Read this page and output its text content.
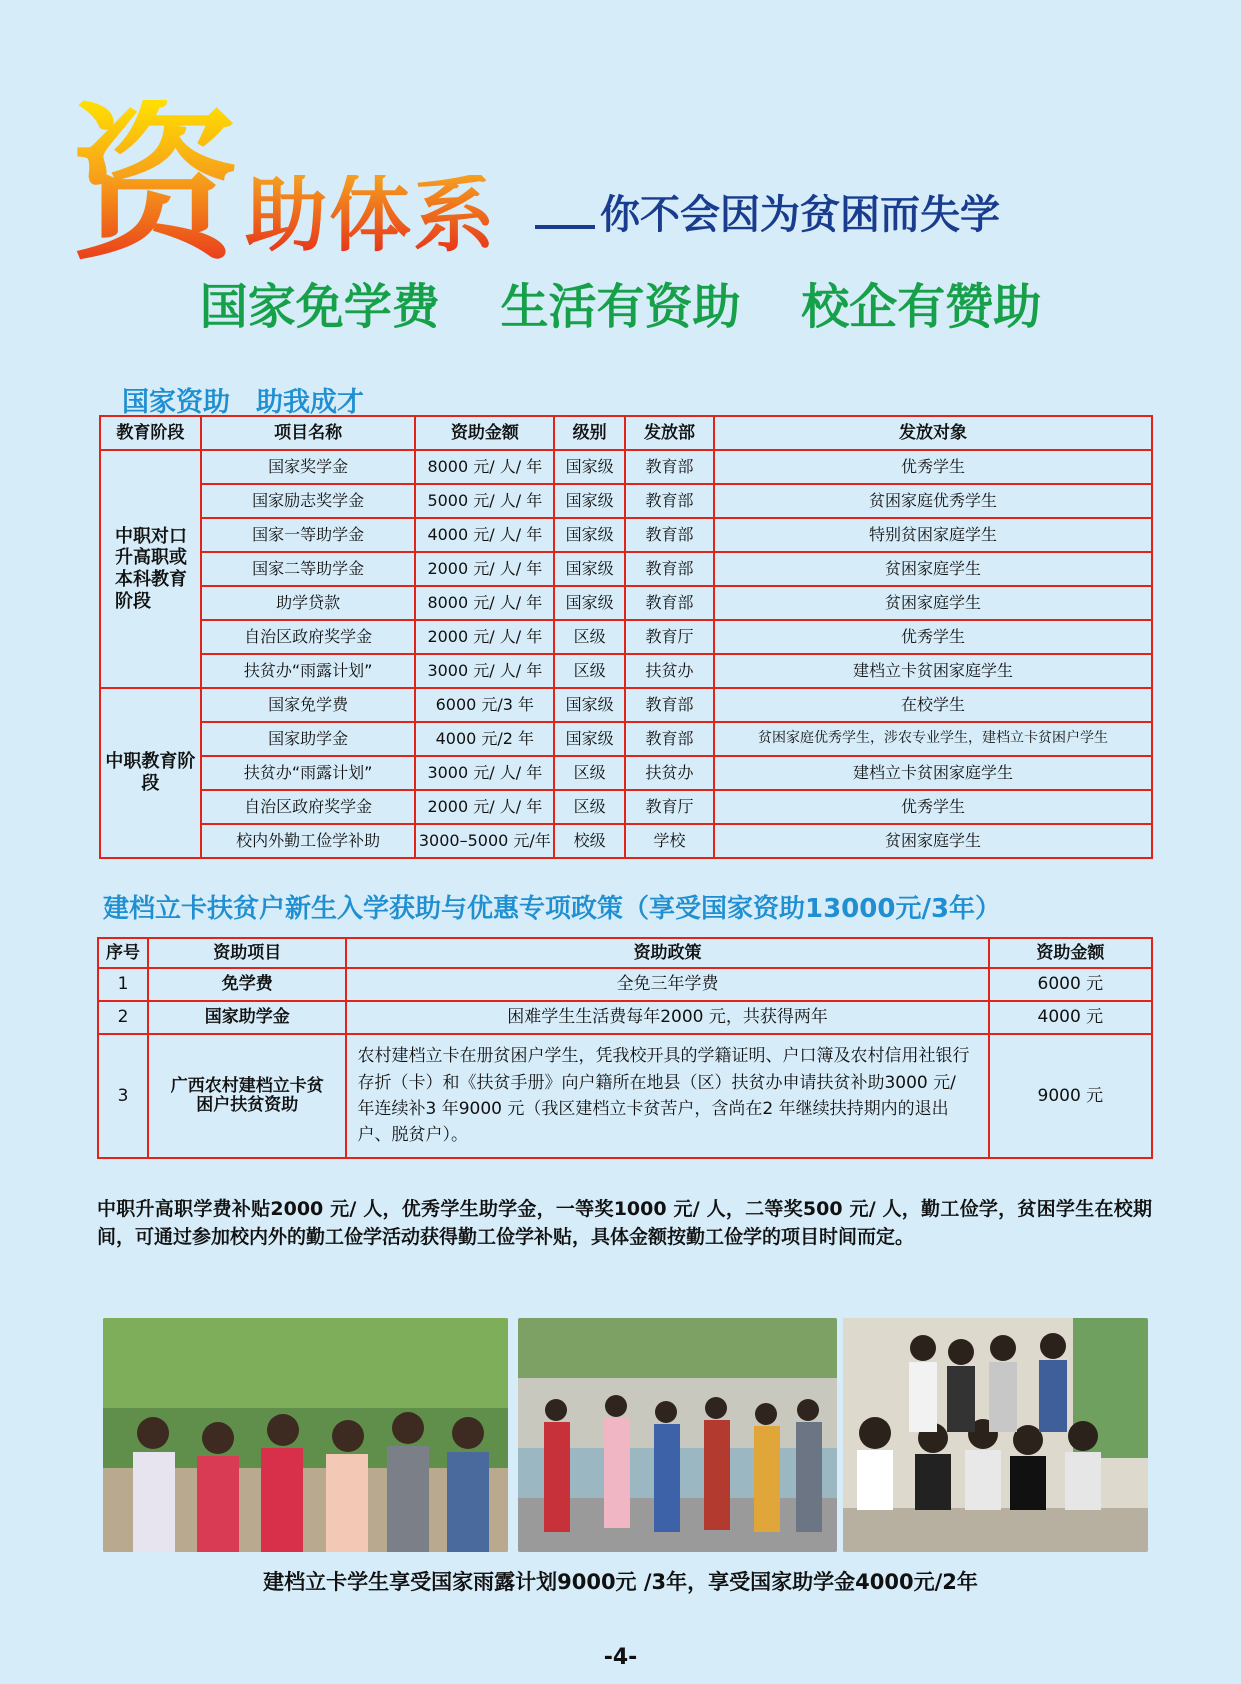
资 助体系	你不会因为贫困而失学
国家免学费 生活有资助 校企有赞助
国家资助 助我成才
教育阶段	项目名称	资助金额	级别	发放部	发放对象
中职对口升高职或本科教育阶段	国家奖学金	8000 元/ 人/ 年	国家级	教育部	优秀学生
	国家励志奖学金	5000 元/ 人/ 年	国家级	教育部	贫困家庭优秀学生
	国家一等助学金	4000 元/ 人/ 年	国家级	教育部	特别贫困家庭学生
	国家二等助学金	2000 元/ 人/ 年	国家级	教育部	贫困家庭学生
	助学贷款	8000 元/ 人/ 年	国家级	教育部	贫困家庭学生
	自治区政府奖学金	2000 元/ 人/ 年	区级	教育厅	优秀学生
	扶贫办“雨露计划”	3000 元/ 人/ 年	区级	扶贫办	建档立卡贫困家庭学生
中职教育阶段	国家免学费	6000 元/3 年	国家级	教育部	在校学生
	国家助学金	4000 元/2 年	国家级	教育部	贫困家庭优秀学生，涉农专业学生，建档立卡贫困户学生
	扶贫办“雨露计划”	3000 元/ 人/ 年	区级	扶贫办	建档立卡贫困家庭学生
	自治区政府奖学金	2000 元/ 人/ 年	区级	教育厅	优秀学生
	校内外勤工俭学补助	3000–5000 元/年	校级	学校	贫困家庭学生
建档立卡扶贫户新生入学获助与优惠专项政策（享受国家资助13000元/3年）
序号	资助项目	资助政策	资助金额
1	免学费	全免三年学费	6000 元
2	国家助学金	困难学生生活费每年2000 元，共获得两年	4000 元
3	广西农村建档立卡贫困户扶贫资助	农村建档立卡在册贫困户学生，凭我校开具的学籍证明、户口簿及农村信用社银行存折（卡）和《扶贫手册》向户籍所在地县（区）扶贫办申请扶贫补助3000 元/ 年连续补3 年9000 元（我区建档立卡贫苦户，含尚在2 年继续扶持期内的退出户、脱贫户）。	9000 元
中职升高职学费补贴2000 元/ 人，优秀学生助学金，一等奖1000 元/ 人，二等奖500 元/ 人，勤工俭学，贫困学生在校期间，可通过参加校内外的勤工俭学活动获得勤工俭学补贴，具体金额按勤工俭学的项目时间而定。
建档立卡学生享受国家雨露计划9000元 /3年，享受国家助学金4000元/2年
-4-
